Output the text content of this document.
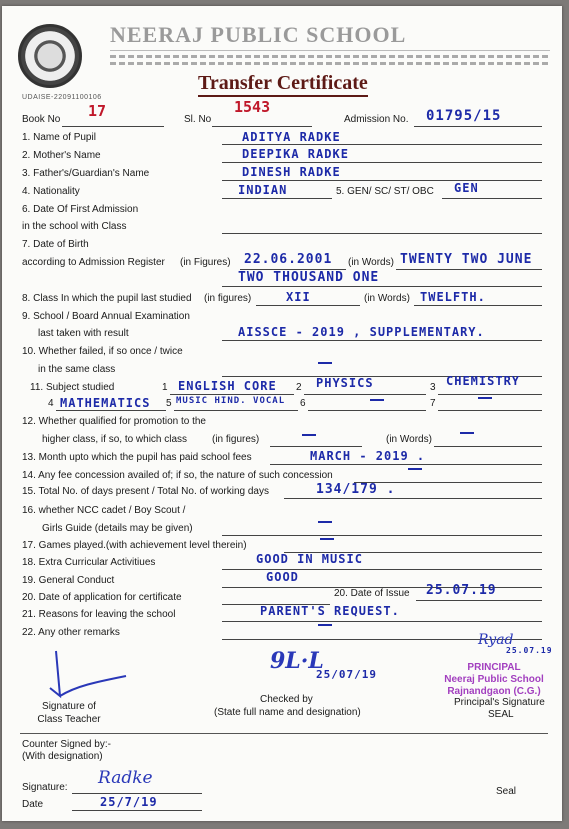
NEERAJ PUBLIC SCHOOL
UDAISE-22091100106
Transfer Certificate
Book No 17	Sl. No
1543
Admission No. 01795/15
1. Name of Pupil	ADITYA RADKE
2. Mother's Name	DEEPIKA RADKE
3. Father's/Guardian's Name	DINESH RADKE
4. Nationality	INDIAN	5. GEN/ SC/ ST/ OBC GEN
6. Date Of First Admission
in the school with Class
7. Date of Birth
according to Admission Register (in Figures) 22.06.2001 (in Words) TWENTY TWO JUNE
TWO THOUSAND ONE
8. Class In which the pupil last studied (in figures)	XII	(in Words) TWELFTH.
9. School / Board Annual Examination
last taken with result	AISSCE - 2019 , SUPPLEMENTARY.
10. Whether failed, if so once / twice
in the same class
11. Subject studied	1 ENGLISH CORE 2 PHYSICS	3 CHEMISTRY
4 MATHEMATICS 5 MUSIC HIND. VOCAL 6	7
12. Whether qualified for promotion to the
higher class, if so, to which class (in figures)	(in Words)
13. Month upto which the pupil has paid school fees	MARCH - 2019 .
14. Any fee concession availed of; if so, the nature of such concession
15. Total No. of days present / Total No. of working days	134/179 .
16. whether NCC cadet / Boy Scout /
Girls Guide (details may be given)
17. Games played.(with achievement level therein)
18. Extra Curricular Activitiues	GOOD IN MUSIC
19. General Conduct	GOOD
20. Date of application for certificate	20. Date of Issue 25.07.19
21. Reasons for leaving the school	PARENT'S REQUEST.
22. Any other remarks
Signature of Class Teacher
9L·L
25/07/19
Checked by
(State full name and designation)
Ryad
25.07.19
PRINCIPAL
Neeraj Public School
Rajnandgaon (C.G.)
Principal's Signature
SEAL
Counter Signed by:-
(With designation)
Signature: Radke
Date	25/7/19
Seal
